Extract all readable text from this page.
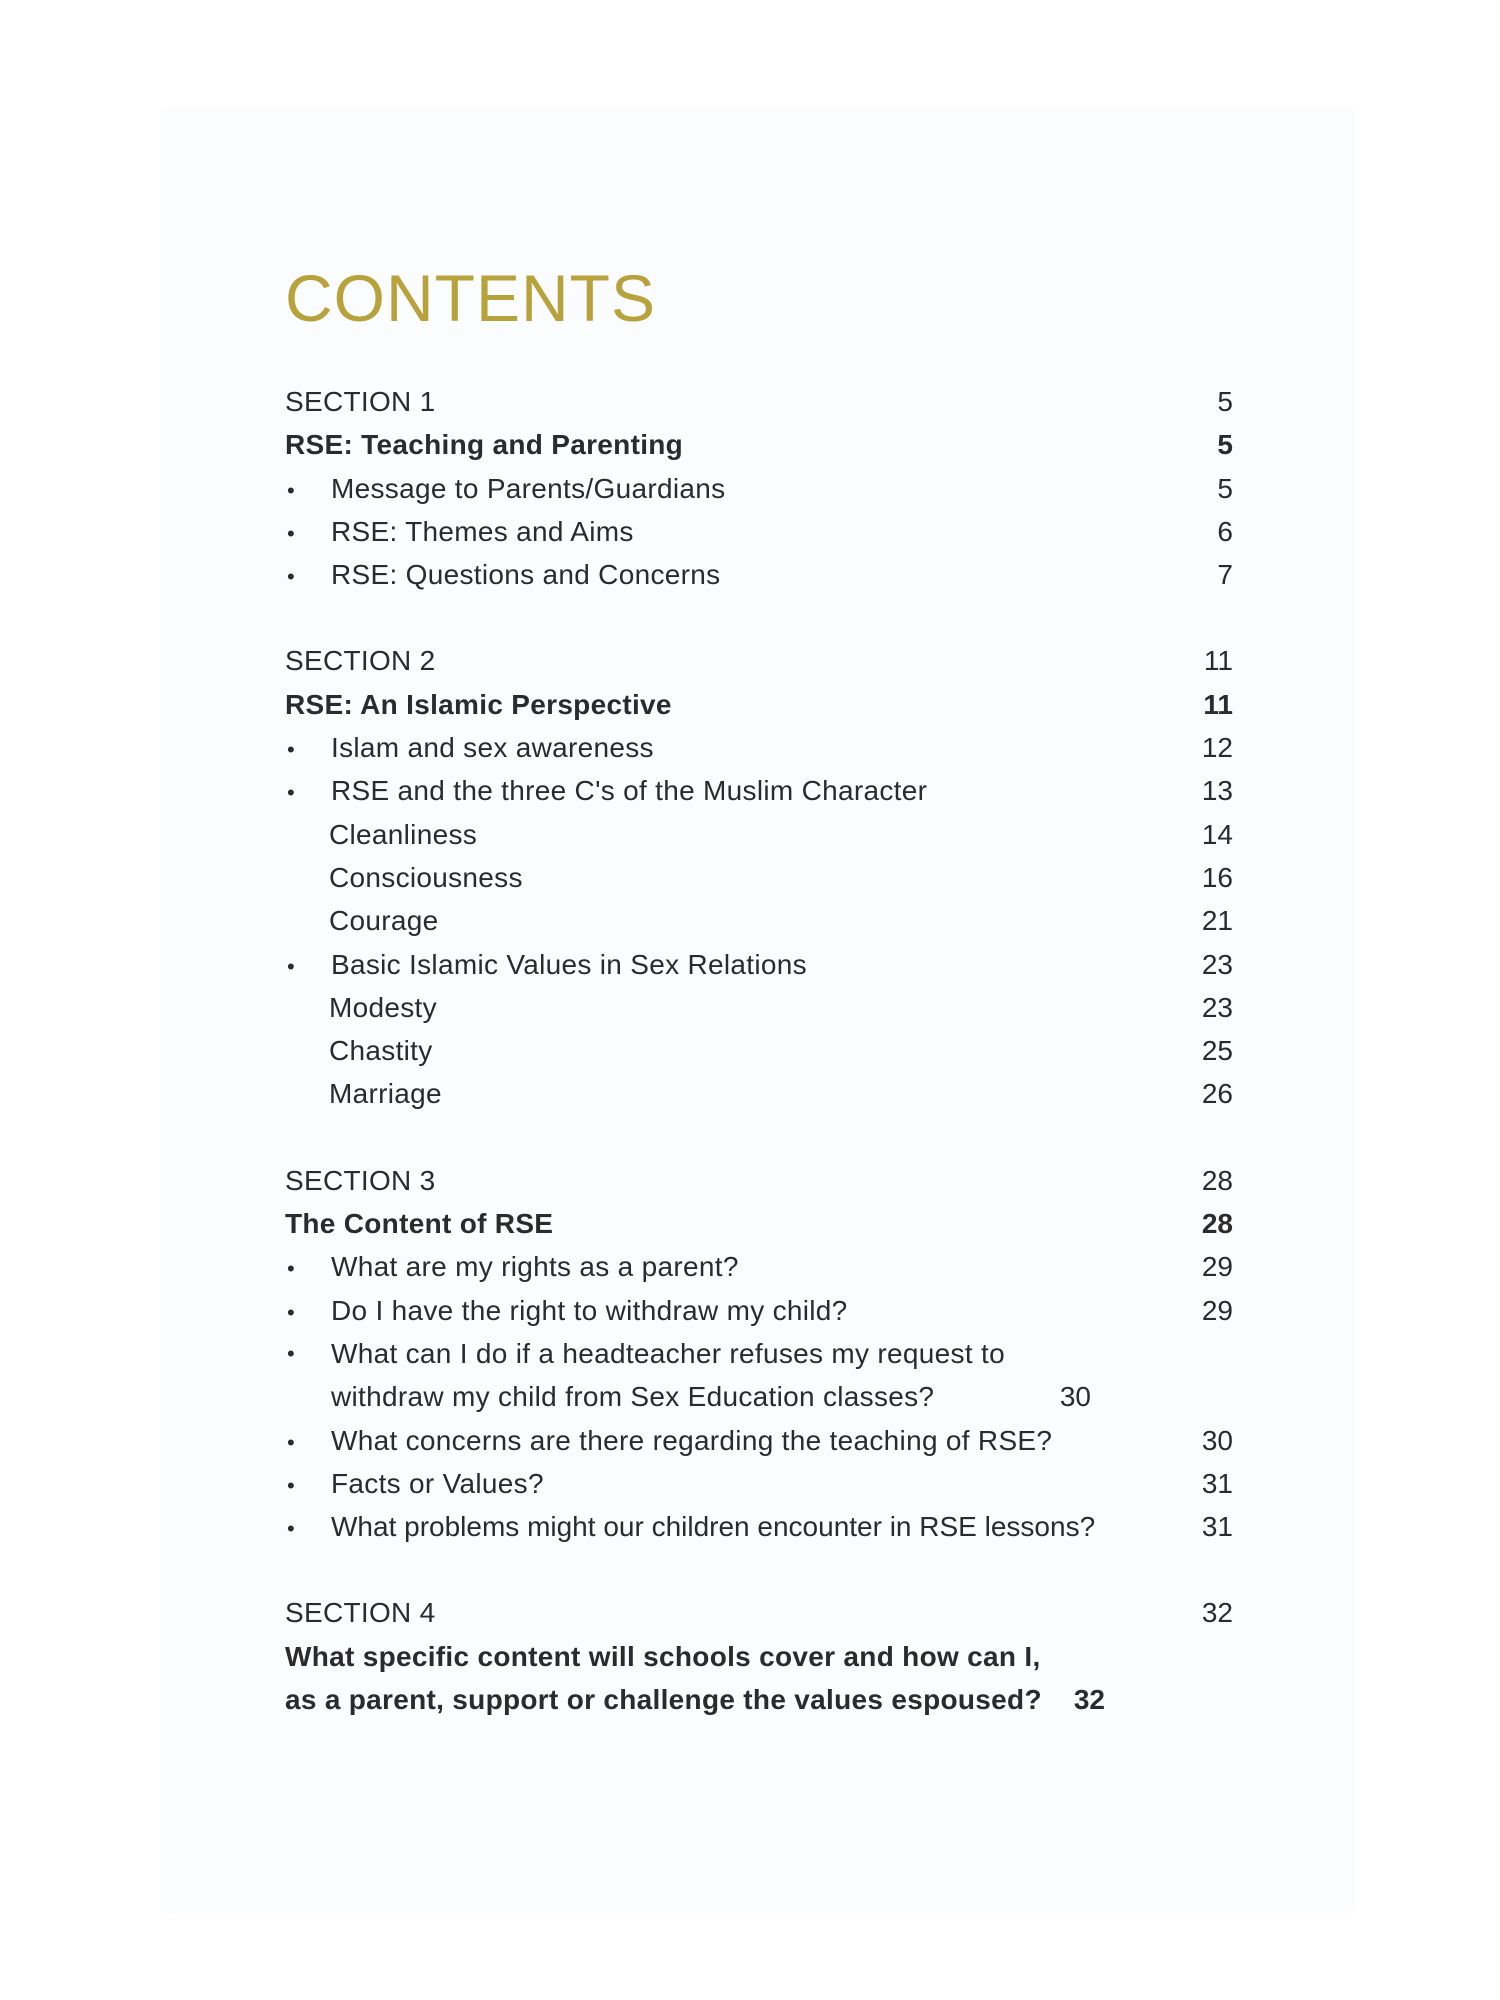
CONTENTS
SECTION 1	5
RSE: Teaching and Parenting	5
•	Message to Parents/Guardians	5
•	RSE: Themes and Aims	6
•	RSE: Questions and Concerns	7
SECTION 2	11
RSE: An Islamic Perspective	11
•	Islam and sex awareness	12
•	RSE and the three C's of the Muslim Character	13
Cleanliness	14
Consciousness	16
Courage	21
•	Basic Islamic Values in Sex Relations	23
Modesty	23
Chastity	25
Marriage	26
SECTION 3	28
The Content of RSE	28
•	What are my rights as a parent?	29
•	Do I have the right to withdraw my child?	29
•	What can I do if a headteacher refuses my request to withdraw my child from Sex Education classes?	30
•	What concerns are there regarding the teaching of RSE?	30
•	Facts or Values?	31
•	What problems might our children encounter in RSE lessons?	31
SECTION 4	32
What specific content will schools cover and how can I, as a parent, support or challenge the values espoused?	32
